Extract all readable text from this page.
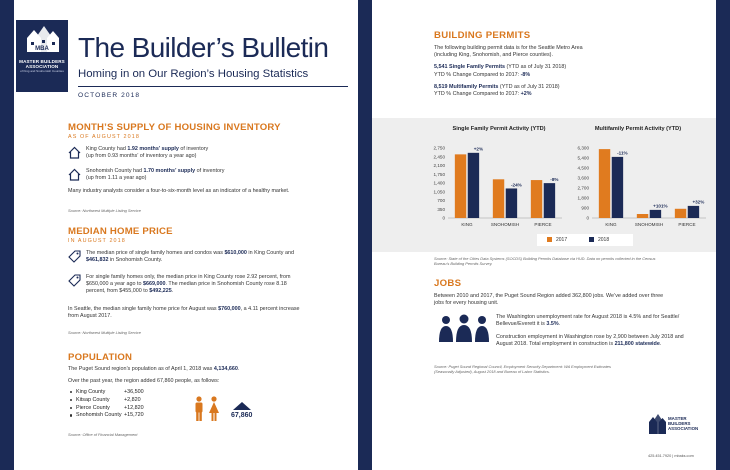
MBA
MASTER BUILDERS ASSOCIATION
of King and Snohomish Counties
The Builder’s Bulletin
Homing in on Our Region’s Housing Statistics
OCTOBER 2018
MONTH’S SUPPLY OF HOUSING INVENTORY
AS OF AUGUST 2018
King County had 1.92 months’ supply of inventory
(up from 0.93 months’ of inventory a year ago)
Snohomish County had 1.70 months’ supply of inventory
(up from 1.11 a year ago)
Many industry analysts consider a four-to-six-month level as an indicator of a healthy market.
Source: Northwest Multiple Listing Service
MEDIAN HOME PRICE
IN AUGUST 2018
The median price of single family homes and condos was $610,000 in King County and
$461,832 in Snohomish County.
For single family homes only, the median price in King County rose 2.92 percent, from
$650,000 a year ago to $669,000. The median price in Snohomish County rose 8.18
percent, from $455,000 to $492,225.
In Seattle, the median single family home price for August was $760,000, a 4.11 percent increase
from August 2017.
Source: Northwest Multiple Listing Service
POPULATION
The Puget Sound region’s population as of April 1, 2018 was 4,134,660.
Over the past year, the region added 67,860 people, as follows:
King County	+36,500
Kitsap County	+2,820
Pierce County	+12,820
Snohomish County +15,720	67,860
Source: Office of Financial Management
BUILDING PERMITS
The following building permit data is for the Seattle Metro Area
(including King, Snohomish, and Pierce counties).
5,541 Single Family Permits (YTD as of July 31 2018)
YTD % Change Compared to 2017: -8%
8,519 Multifamily Permits (YTD as of July 31 2018)
YTD % Change Compared to 2017: +2%
Single Family Permit Activity (YTD)	Multifamily Permit Activity (YTD)
0
350
700
1,050
1,400
1,750
2,100
2,450
2,750	+2%
KING
-24%
SNOHOMISH
-8%
PIERCE
0
900
1,800
2,700
3,600
4,500
5,400
6,300
-11%
KING
+101%
SNOHOMISH
+32%
PIERCE
2017	2018
Source: State of the Cities Data Systems (SOCDS) Building Permits Database via HUD. Data on permits collected in the Census
Bureau’s Building Permits Survey.
JOBS
Between 2010 and 2017, the Puget Sound Region added 362,800 jobs. We’ve added over three
jobs for every housing unit.
The Washington unemployment rate for August 2018 is 4.5% and for Seattle/
Bellevue/Everett it is 3.5%.
Construction employment in Washington rose by 2,900 between July 2018 and
August 2018. Total employment in construction is 211,800 statewide.
Source: Puget Sound Regional Council, Employment Security Department: WA Employment Estimates
(Seasonally Adjusted), August 2018 and Bureau of Labor Statistics.
MASTER BUILDERS ASSOCIATION
425.451.7920 | mbaks.com
